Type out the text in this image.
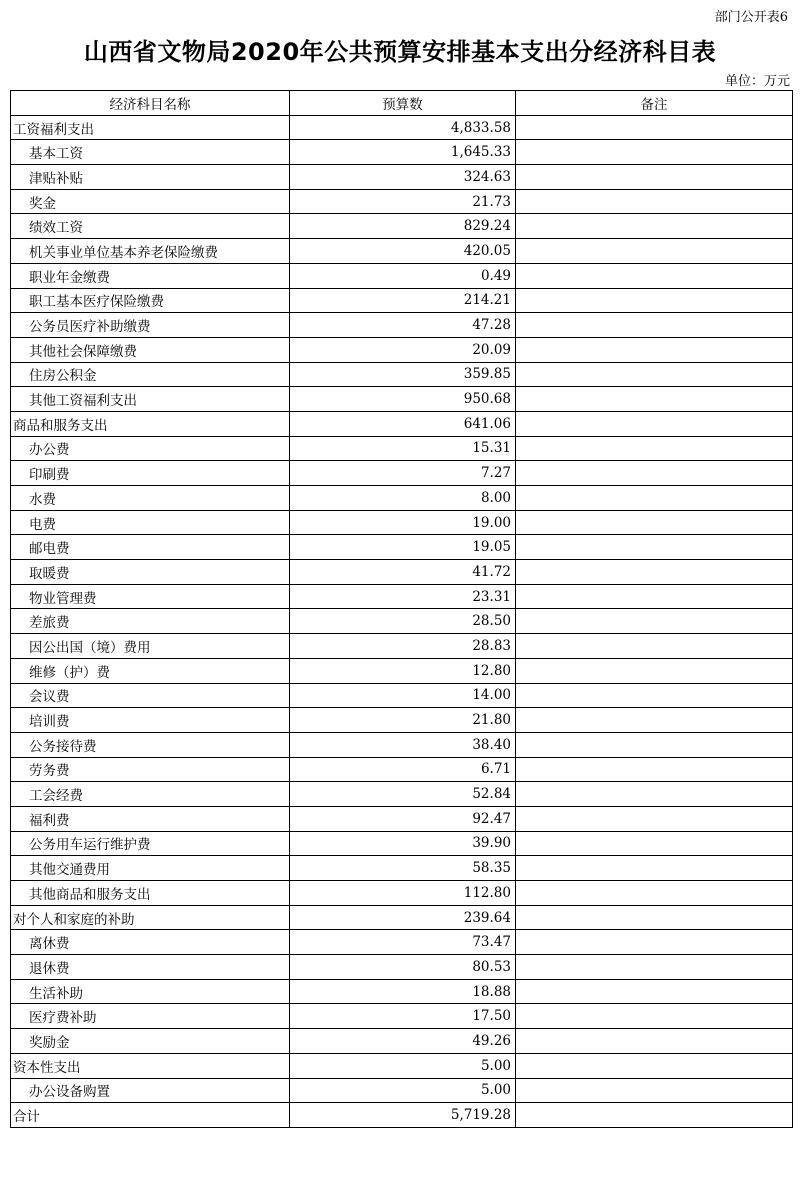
部门公开表6
山西省文物局2020年公共预算安排基本支出分经济科目表
单位：万元
经济科目名称	预算数	备注
工资福利支出	4,833.58	
基本工资	1,645.33	
津贴补贴	324.63	
奖金	21.73	
绩效工资	829.24	
机关事业单位基本养老保险缴费	420.05	
职业年金缴费	0.49	
职工基本医疗保险缴费	214.21	
公务员医疗补助缴费	47.28	
其他社会保障缴费	20.09	
住房公积金	359.85	
其他工资福利支出	950.68	
商品和服务支出	641.06	
办公费	15.31	
印刷费	7.27	
水费	8.00	
电费	19.00	
邮电费	19.05	
取暖费	41.72	
物业管理费	23.31	
差旅费	28.50	
因公出国（境）费用	28.83	
维修（护）费	12.80	
会议费	14.00	
培训费	21.80	
公务接待费	38.40	
劳务费	6.71	
工会经费	52.84	
福利费	92.47	
公务用车运行维护费	39.90	
其他交通费用	58.35	
其他商品和服务支出	112.80	
对个人和家庭的补助	239.64	
离休费	73.47	
退休费	80.53	
生活补助	18.88	
医疗费补助	17.50	
奖励金	49.26	
资本性支出	5.00	
办公设备购置	5.00	
合计	5,719.28	
